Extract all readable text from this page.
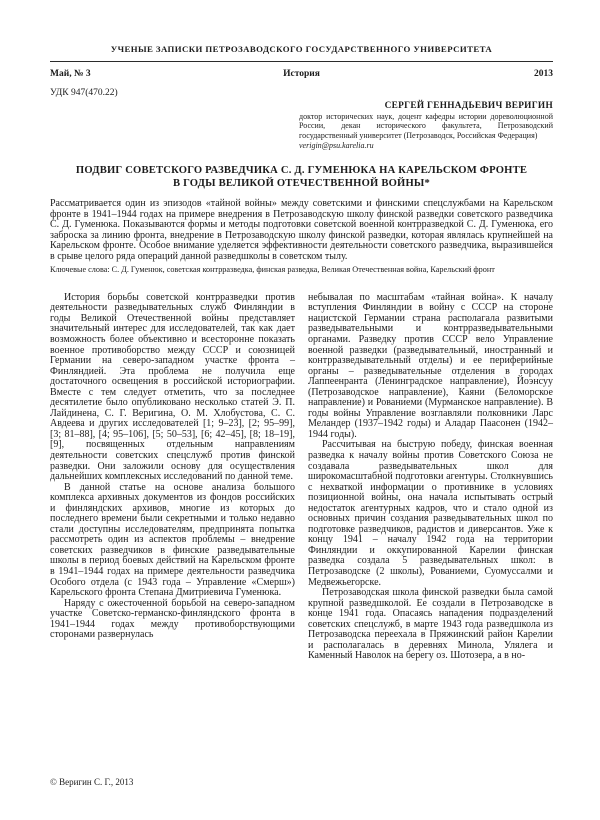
УЧЕНЫЕ ЗАПИСКИ ПЕТРОЗАВОДСКОГО ГОСУДАРСТВЕННОГО УНИВЕРСИТЕТА
Май, № 3	История	2013
УДК 947(470.22)
СЕРГЕЙ ГЕННАДЬЕВИЧ ВЕРИГИН
доктор исторических наук, доцент кафедры истории дореволюционной России, декан исторического факультета, Петрозаводский государственный университет (Петрозаводск, Российская Федерация)
verigin@psu.karelia.ru
ПОДВИГ СОВЕТСКОГО РАЗВЕДЧИКА С. Д. ГУМЕНЮКА НА КАРЕЛЬСКОМ ФРОНТЕ
В ГОДЫ ВЕЛИКОЙ ОТЕЧЕСТВЕННОЙ ВОЙНЫ*

Рассматривается один из эпизодов «тайной войны» между советскими и финскими спецслужбами на Карельском фронте в 1941–1944 годах на примере внедрения в Петрозаводскую школу финской разведки советского разведчика С. Д. Гуменюка. Показываются формы и методы подготовки советской военной контрразведкой С. Д. Гуменюка, его заброска за линию фронта, внедрение в Петрозаводскую школу финской разведки, которая являлась крупнейшей на Карельском фронте. Особое внимание уделяется эффективности деятельности советского разведчика, выразившейся в срыве целого ряда операций данной разведшколы в советском тылу.

Ключевые слова: С. Д. Гуменюк, советская контрразведка, финская разведка, Великая Отечественная война, Карельский фронт

История борьбы советской контрразведки против деятельности разведывательных служб Финляндии в годы Великой Отечественной войны представляет значительный интерес для исследователей, так как дает возможность более объективно и всесторонне показать военное противоборство между СССР и союзницей Германии на северо-западном участке фронта – Финляндией. Эта проблема не получила еще достаточного освещения в российской историографии. Вместе с тем следует отметить, что за последнее десятилетие было опубликовано несколько статей Э. П. Лайдинена, С. Г. Веригина, О. М. Хлобустова, С. С. Авдеева и других исследователей [1; 9–23], [2; 95–99], [3; 81–88], [4; 95–106], [5; 50–53], [6; 42–45], [8; 18–19], [9], посвященных отдельным направлениям деятельности советских спецслужб против финской разведки. Они заложили основу для осуществления дальнейших комплексных исследований по данной теме.

В данной статье на основе анализа большого комплекса архивных документов из фондов российских и финляндских архивов, многие из которых до последнего времени были секретными и только недавно стали доступны исследователям, предпринята попытка рассмотреть один из аспектов проблемы – внедрение советских разведчиков в финские разведывательные школы в период боевых действий на Карельском фронте в 1941–1944 годах на примере деятельности разведчика Особого отдела (с 1943 года – Управление «Смерш») Карельского фронта Степана Дмитриевича Гуменюка.

Наряду с ожесточенной борьбой на северо-западном участке Советско-германско-финляндского фронта в 1941–1944 годах между противоборствующими сторонами развернулась

небывалая по масштабам «тайная война». К началу вступления Финляндии в войну с СССР на стороне нацистской Германии страна располагала развитыми разведывательными и контрразведывательными органами. Разведку против СССР вело Управление военной разведки (разведывательный, иностранный и контрразведывательный отделы) и ее периферийные органы – разведывательные отделения в городах Лаппеенранта (Ленинградское направление), Йоэнсуу (Петрозаводское направление), Каяни (Беломорское направление) и Рованиеми (Мурманское направление). В годы войны Управление возглавляли полковники Ларс Меландер (1937–1942 годы) и Аладар Паасонен (1942–1944 годы).

Рассчитывая на быструю победу, финская военная разведка к началу войны против Советского Союза не создавала разведывательных школ для широкомасштабной подготовки агентуры. Столкнувшись с нехваткой информации о противнике в условиях позиционной войны, она начала испытывать острый недостаток агентурных кадров, что и стало одной из основных причин создания разведывательных школ по подготовке разведчиков, радистов и диверсантов. Уже к концу 1941 – началу 1942 года на территории Финляндии и оккупированной Карелии финская разведка создала 5 разведывательных школ: в Петрозаводске (2 школы), Рованиеми, Суомуссалми и Медвежьегорске.

Петрозаводская школа финской разведки была самой крупной разведшколой. Ее создали в Петрозаводске в конце 1941 года. Опасаясь нападения подразделений советских спецслужб, в марте 1943 года разведшкола из Петрозаводска переехала в Пряжинский район Карелии и располагалась в деревнях Минола, Улялега и Каменный Наволок на берегу оз. Шотозера, а в но-

© Веригин С. Г., 2013
